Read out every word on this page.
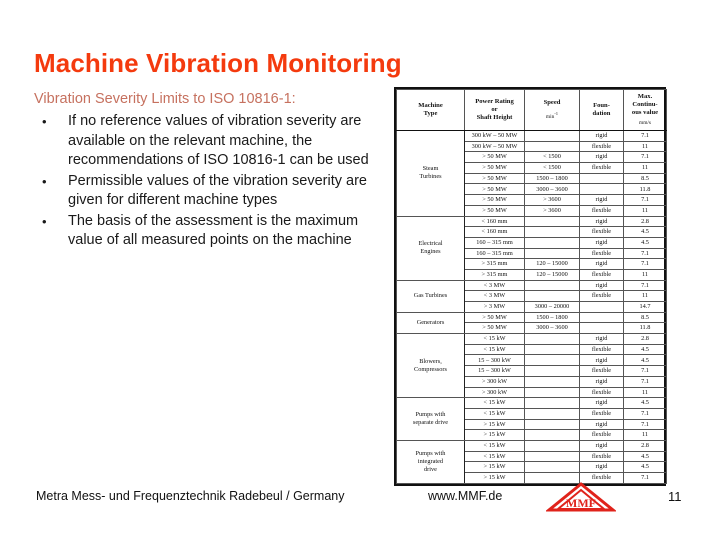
Machine Vibration Monitoring
Vibration Severity Limits to ISO 10816-1:
• If no reference values of vibration severity are available on the relevant machine, the recommendations of ISO 10816-1 can be used
• Permissible values of the vibration severity are given for different machine types
• The basis of the assessment is the maximum value of all measured points on the machine
Machine
Type	Power Rating
or
Shaft Height	Speed
min-1	Foun-
dation	Max.
Continu-
ous value
mm/s

Steam
Turbines	300 kW – 50 MW		rigid	7.1
	300 kW – 50 MW		flexible	11
	> 50 MW	< 1500	rigid	7.1
	> 50 MW	< 1500	flexible	11
	> 50 MW	1500 – 1800		8.5
	> 50 MW	3000 – 3600		11.8
	> 50 MW	> 3600	rigid	7.1
	> 50 MW	> 3600	flexible	11
Electrical
Engines	< 160 mm		rigid	2.8
	< 160 mm		flexible	4.5
	160 – 315 mm		rigid	4.5
	160 – 315 mm		flexible	7.1
	> 315 mm	120 – 15000	rigid	7.1
	> 315 mm	120 – 15000	flexible	11
Gas Turbines	< 3 MW		rigid	7.1
	< 3 MW		flexible	11
	> 3 MW	3000 – 20000		14.7
Generators	> 50 MW	1500 – 1800		8.5
	> 50 MW	3000 – 3600		11.8
Blowers,
Compressors	< 15 kW		rigid	2.8
	< 15 kW		flexible	4.5
	15 – 300 kW		rigid	4.5
	15 – 300 kW		flexible	7.1
	> 300 kW		rigid	7.1
	> 300 kW		flexible	11
Pumps with
separate drive	< 15 kW		rigid	4.5
	< 15 kW		flexible	7.1
	> 15 kW		rigid	7.1
	> 15 kW		flexible	11
Pumps with
integrated
drive	< 15 kW		rigid	2.8
	< 15 kW		flexible	4.5
	> 15 kW		rigid	4.5
	> 15 kW		flexible	7.1
Metra Mess- und Frequenztechnik Radebeul / Germany	www.MMF.de	MMF	11
